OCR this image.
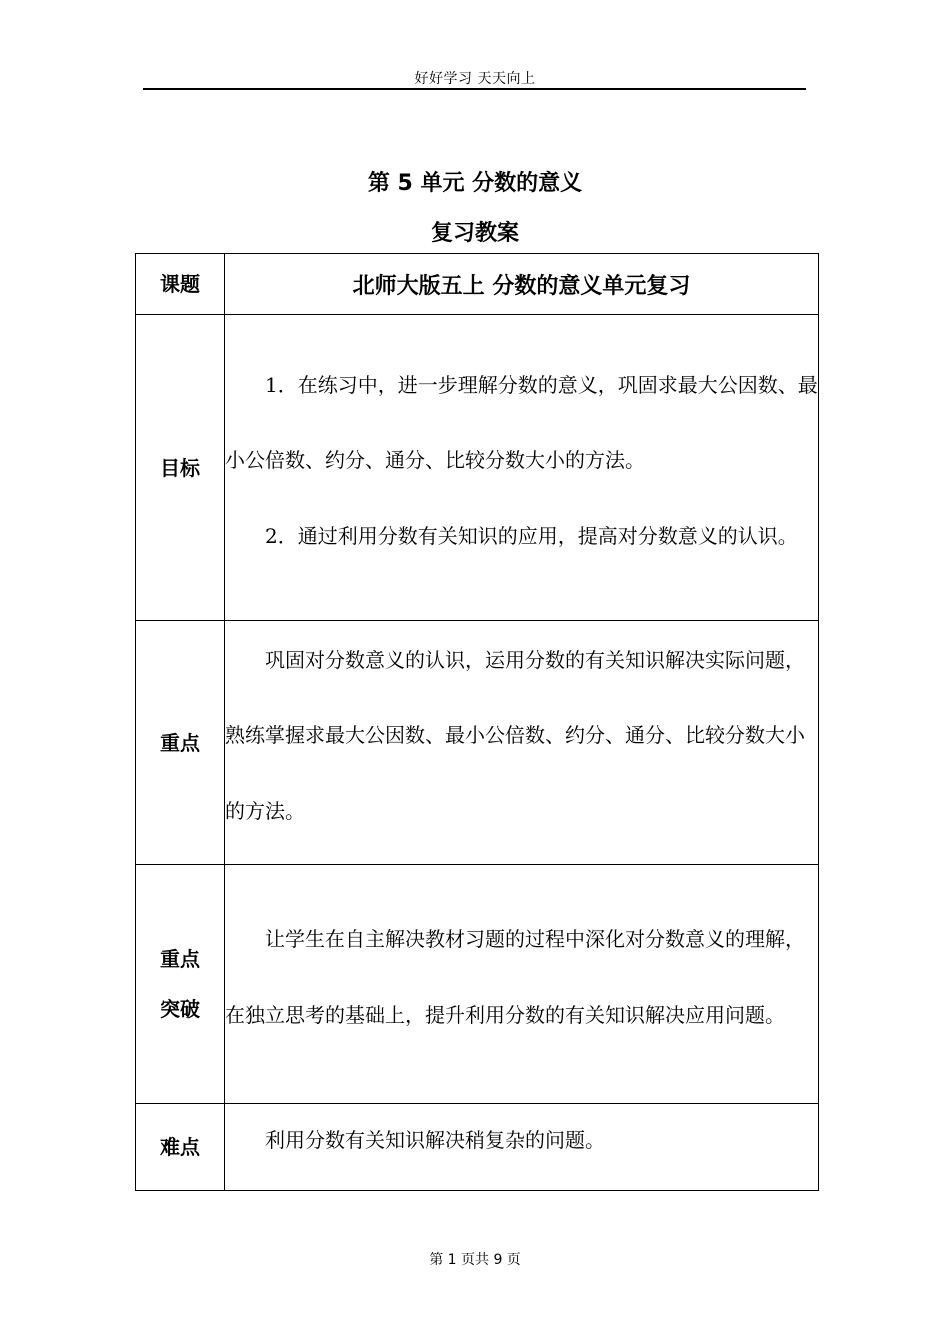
好好学习 天天向上
第 5 单元 分数的意义
复习教案
课题	北师大版五上 分数的意义单元复习
目标	1．在练习中，进一步理解分数的意义，巩固求最大公因数、最小公倍数、约分、通分、比较分数大小的方法。

2．通过利用分数有关知识的应用，提高对分数意义的认识。

重点	巩固对分数意义的认识，运用分数的有关知识解决实际问题，熟练掌握求最大公因数、最小公倍数、约分、通分、比较分数大小的方法。

重点
突破	让学生在自主解决教材习题的过程中深化对分数意义的理解，在独立思考的基础上，提升利用分数的有关知识解决应用问题。

难点	利用分数有关知识解决稍复杂的问题。

第 1 页共 9 页
